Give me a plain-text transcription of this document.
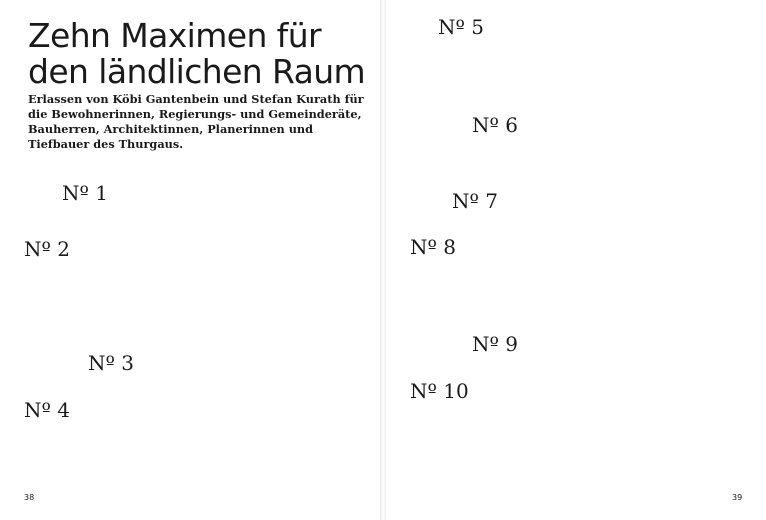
Zehn Maximen für
den ländlichen Raum

Erlassen von Köbi Gantenbein und Stefan Kurath für die Bewohnerinnen, Regierungs- und Gemeinderäte, Bauherren, Architektinnen, Planerinnen und Tiefbauer des Thurgaus.

Nº 1

Nº 2

Nº 3

Nº 4

38

Nº 5

Nº 6

Nº 7

Nº 8

Nº 9

Nº 10

39
